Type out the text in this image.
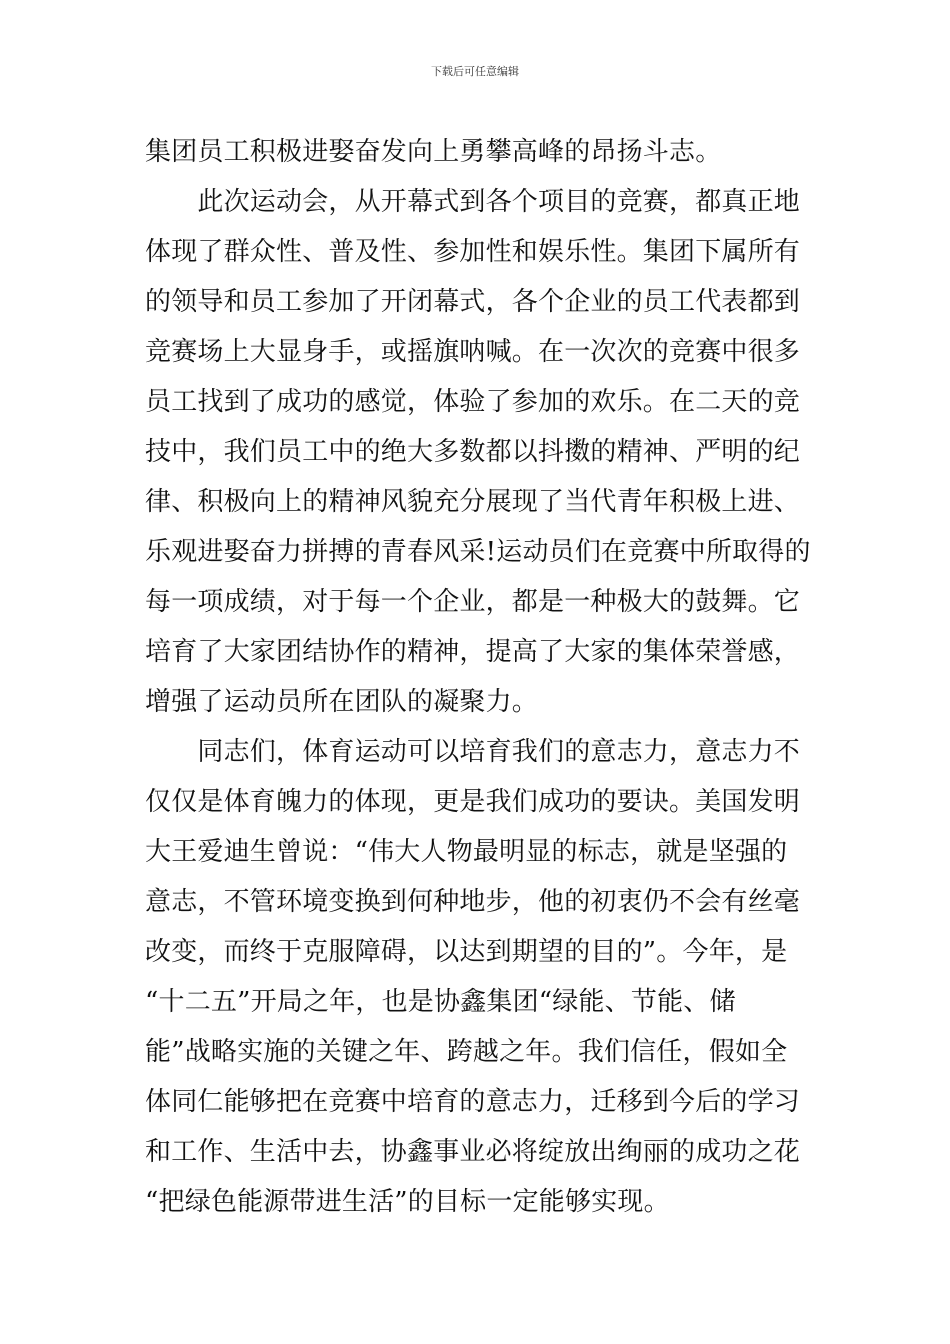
下载后可任意编辑
集团员工积极进娶奋发向上勇攀高峰的昂扬斗志。
　　此次运动会，从开幕式到各个项目的竞赛，都真正地
体现了群众性、普及性、参加性和娱乐性。集团下属所有
的领导和员工参加了开闭幕式，各个企业的员工代表都到
竞赛场上大显身手，或摇旗呐喊。在一次次的竞赛中很多
员工找到了成功的感觉，体验了参加的欢乐。在二天的竞
技中，我们员工中的绝大多数都以抖擞的精神、严明的纪
律、积极向上的精神风貌充分展现了当代青年积极上进、
乐观进娶奋力拼搏的青春风采!运动员们在竞赛中所取得的
每一项成绩，对于每一个企业，都是一种极大的鼓舞。它
培育了大家团结协作的精神，提高了大家的集体荣誉感，
增强了运动员所在团队的凝聚力。
　　同志们，体育运动可以培育我们的意志力，意志力不
仅仅是体育魄力的体现，更是我们成功的要诀。美国发明
大王爱迪生曾说：“伟大人物最明显的标志，就是坚强的
意志，不管环境变换到何种地步，他的初衷仍不会有丝毫
改变，而终于克服障碍，以达到期望的目的”。今年，是
“十二五”开局之年，也是协鑫集团“绿能、节能、储
能”战略实施的关键之年、跨越之年。我们信任，假如全
体同仁能够把在竞赛中培育的意志力，迁移到今后的学习
和工作、生活中去，协鑫事业必将绽放出绚丽的成功之花
“把绿色能源带进生活”的目标一定能够实现。
